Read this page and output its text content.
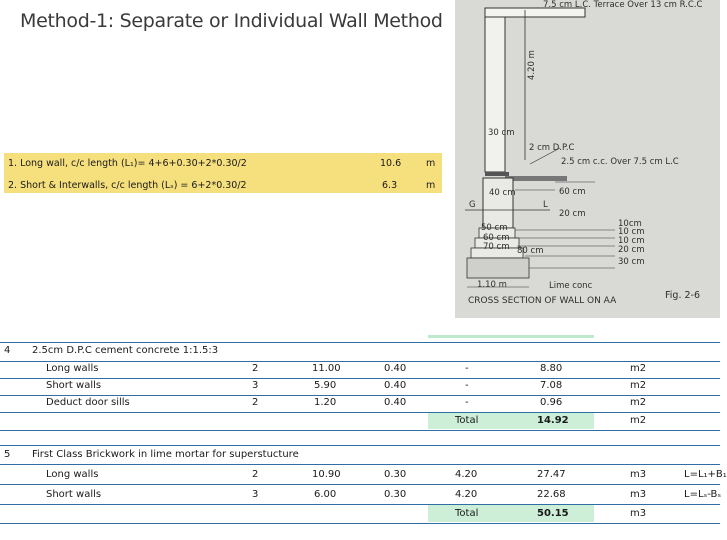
Method-1: Separate or Individual Wall Method
1. Long wall, c/c length (L₁)= 4+6+0.30+2*0.30/2	10.6	m
2. Short & Interwalls, c/c length (Lₛ) = 6+2*0.30/2	6.3	m
7.5 cm L.C. Terrace Over 13 cm R.C.C
4.20 m
30 cm
2 cm D.P.C
2.5 cm c.c. Over 7.5 cm L.C
60 cm
40 cm
G	L
20 cm
50 cm
60 cm
70 cm 80 cm
10cm
10 cm
10 cm
20 cm
30 cm
1.10 m	Lime conc
CROSS SECTION OF WALL ON AA	Fig. 2-6
4 2.5cm D.P.C cement concrete 1:1.5:3
Long walls	2	11.00	0.40	-	8.80	m2
Short walls	3	5.90	0.40	-	7.08	m2
Deduct door sills	2	1.20	0.40	-	0.96	m2
Total	14.92	m2
5 First Class Brickwork in lime mortar for superstucture
Long walls	2	10.90	0.30	4.20	27.47	m3	L=L₁+B₁
Short walls	3	6.00	0.30	4.20	22.68	m3	L=Lₛ-Bₛ
Total	50.15	m3
